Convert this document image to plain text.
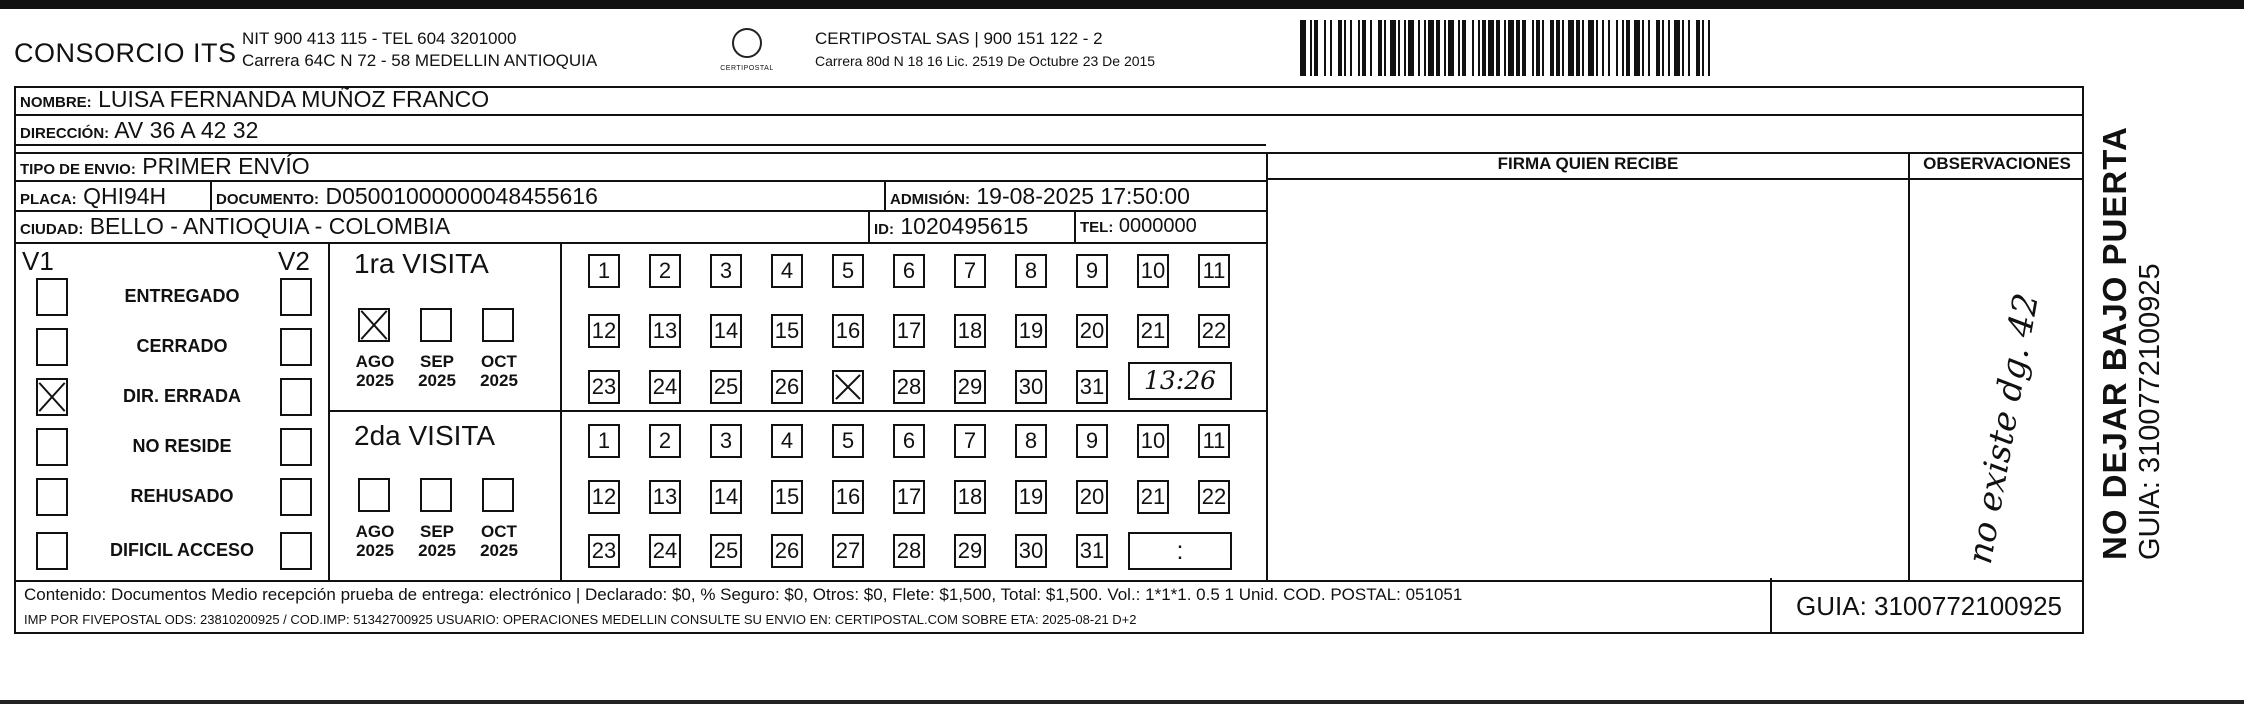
CONSORCIO ITS NIT 900 413 115 - TEL 604 3201000
Carrera 64C N 72 - 58 MEDELLIN ANTIOQUIA	CERTIPOSTAL
CERTIPOSTAL SAS | 900 151 122 - 2
Carrera 80d N 18 16 Lic. 2519 De Octubre 23 De 2015
NOMBRE: LUISA FERNANDA MUÑOZ FRANCO
DIRECCIÓN: AV 36 A 42 32
TIPO DE ENVIO: PRIMER ENVÍO
PLACA: QHI94H	DOCUMENTO: D05001000000048455616	ADMISIÓN: 19-08-2025 17:50:00
CIUDAD: BELLO - ANTIOQUIA - COLOMBIA	ID: 1020495615	TEL: 0000000
FIRMA QUIEN RECIBE	OBSERVACIONES
V1	V2
ENTREGADO
CERRADO
DIR. ERRADA
NO RESIDE
REHUSADO
DIFICIL ACCESO
1ra VISITA
2da VISITA
AGO
2025
SEP
2025
OCT
2025
AGO
2025
SEP
2025
OCT
2025
1	2	3	4	5	6	7	8	9	10 11
12 13 14 15 16 17 18 19 20 21 22
23 24 25 26	28 29 30 31
1	2	3	4	5	6	7	8	9	10 11
12 13 14 15 16 17 18 19 20 21 22
23 24 25 26 27 28 29 30 31
13:26
:	no existe dg. 42
Contenido: Documentos Medio recepción prueba de entrega: electrónico | Declarado: $0, % Seguro: $0, Otros: $0, Flete: $1,500, Total: $1,500. Vol.: 1*1*1. 0.5 1 Unid. COD. POSTAL: 051051
IMP POR FIVEPOSTAL ODS: 23810200925 / COD.IMP: 51342700925 USUARIO: OPERACIONES MEDELLIN CONSULTE SU ENVIO EN: CERTIPOSTAL.COM SOBRE ETA: 2025-08-21 D+2	GUIA: 3100772100925
NO DEJAR BAJO PUERTA GUIA: 3100772100925
